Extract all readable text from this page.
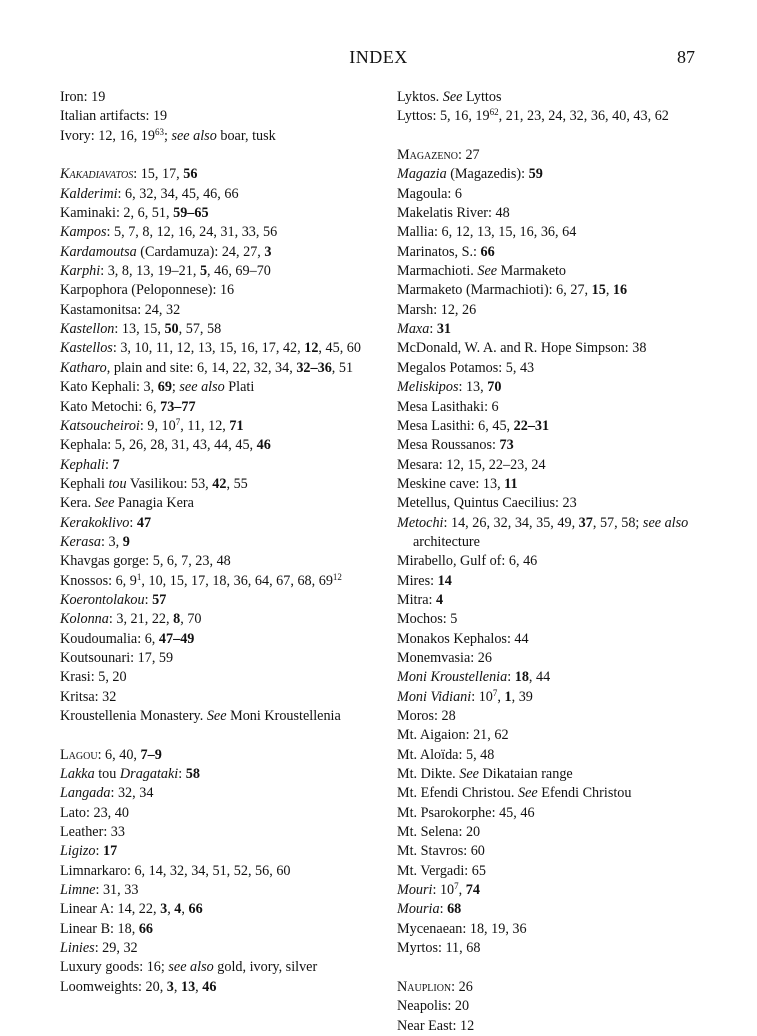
INDEX	87
Iron: 19
Italian artifacts: 19
Ivory: 12, 16, $19^{63}$; see also boar, tusk
Kakadiavatos: 15, 17, 56
Kalderimi: 6, 32, 34, 45, 46, 66
Kaminaki: 2, 6, 51, 59–65
Kampos: 5, 7, 8, 12, 16, 24, 31, 33, 56
Kardamoutsa (Cardamuza): 24, 27, 3
Karphi: 3, 8, 13, 19–21, 5, 46, 69–70
Karpophora (Peloponnese): 16
Kastamonitsa: 24, 32
Kastellon: 13, 15, 50, 57, 58
Kastellos: 3, 10, 11, 12, 13, 15, 16, 17, 42, 12, 45, 60
Katharo, plain and site: 6, 14, 22, 32, 34, 32–36, 51
Kato Kephali: 3, 69; see also Plati
Kato Metochi: 6, 73–77
Katsoucheiroi: 9, $10^7$, 11, 12, 71
Kephala: 5, 26, 28, 31, 43, 44, 45, 46
Kephali: 7
Kephali tou Vasilikou: 53, 42, 55
Kera. See Panagia Kera
Kerakoklivo: 47
Kerasa: 3, 9
Khavgas gorge: 5, 6, 7, 23, 48
Knossos: 6, $9^1$, 10, 15, 17, 18, 36, 64, 67, 68, $69^{12}$
Koerontolakou: 57
Kolonna: 3, 21, 22, 8, 70
Koudoumalia: 6, 47–49
Koutsounari: 17, 59
Krasi: 5, 20
Kritsa: 32
Kroustellenia Monastery. See Moni Kroustellenia
Lagou: 6, 40, 7–9
Lakka tou Dragataki: 58
Langada: 32, 34
Lato: 23, 40
Leather: 33
Ligizo: 17
Limnarkaro: 6, 14, 32, 34, 51, 52, 56, 60
Limne: 31, 33
Linear A: 14, 22, 3, 4, 66
Linear B: 18, 66
Linies: 29, 32
Luxury goods: 16; see also gold, ivory, silver
Loomweights: 20, 3, 13, 46
Lyktos. See Lyttos
Lyttos: 5, 16, $19^{62}$, 21, 23, 24, 32, 36, 40, 43, 62
Magazeno: 27
Magazia (Magazedis): 59
Magoula: 6
Makelatis River: 48
Mallia: 6, 12, 13, 15, 16, 36, 64
Marinatos, S.: 66
Marmachioti. See Marmaketo
Marmaketo (Marmachioti): 6, 27, 15, 16
Marsh: 12, 26
Maxa: 31
McDonald, W. A. and R. Hope Simpson: 38
Megalos Potamos: 5, 43
Meliskipos: 13, 70
Mesa Lasithaki: 6
Mesa Lasithi: 6, 45, 22–31
Mesa Roussanos: 73
Mesara: 12, 15, 22–23, 24
Meskine cave: 13, 11
Metellus, Quintus Caecilius: 23
Metochi: 14, 26, 32, 34, 35, 49, 37, 57, 58; see also architecture
Mirabello, Gulf of: 6, 46
Mires: 14
Mitra: 4
Mochos: 5
Monakos Kephalos: 44
Monemvasia: 26
Moni Kroustellenia: 18, 44
Moni Vidiani: $10^7$, 1, 39
Moros: 28
Mt. Aigaion: 21, 62
Mt. Aloïda: 5, 48
Mt. Dikte. See Dikataian range
Mt. Efendi Christou. See Efendi Christou
Mt. Psarokorphe: 45, 46
Mt. Selena: 20
Mt. Stavros: 60
Mt. Vergadi: 65
Mouri: $10^7$, 74
Mouria: 68
Mycenaean: 18, 19, 36
Myrtos: 11, 68
Nauplion: 26
Neapolis: 20
Near East: 12
